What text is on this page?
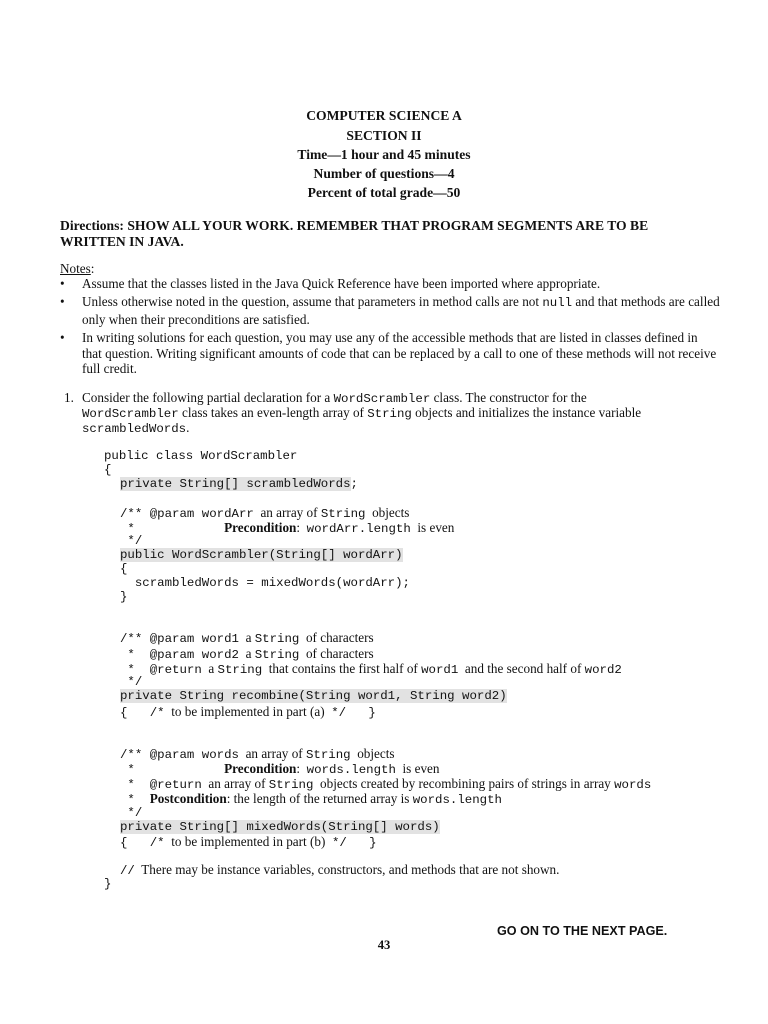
COMPUTER SCIENCE A
SECTION II
Time—1 hour and 45 minutes
Number of questions—4
Percent of total grade—50
Directions: SHOW ALL YOUR WORK. REMEMBER THAT PROGRAM SEGMENTS ARE TO BE
WRITTEN IN JAVA.
Notes:
• Assume that the classes listed in the Java Quick Reference have been imported where appropriate.
• Unless otherwise noted in the question, assume that parameters in method calls are not null and that methods are called only when their preconditions are satisfied.
• In writing solutions for each question, you may use any of the accessible methods that are listed in classes defined in that question. Writing significant amounts of code that can be replaced by a call to one of these methods will not receive full credit.
1. Consider the following partial declaration for a WordScrambler class. The constructor for the
WordScrambler class takes an even-length array of String objects and initializes the instance variable
scrambledWords.
public class WordScrambler
{
private String[] scrambledWords;
/** @param wordArr  an array of String  objects
*            Precondition:  wordArr.length  is even
*/
public WordScrambler(String[] wordArr)
{
scrambledWords = mixedWords(wordArr);
}
/** @param word1  a String  of characters
*  @param word2  a String  of characters
*  @return  a String  that contains the first half of word1  and the second half of word2
*/
private String recombine(String word1, String word2)
{   /*  to be implemented in part (a)  */   }
/** @param words  an array of String  objects
*            Precondition:  words.length  is even
*  @return  an array of String  objects created by recombining pairs of strings in array words
*  Postcondition: the length of the returned array is words.length
*/
private String[] mixedWords(String[] words)
{   /*  to be implemented in part (b)  */   }
//  There may be instance variables, constructors, and methods that are not shown.
}
GO ON TO THE NEXT PAGE.
43
